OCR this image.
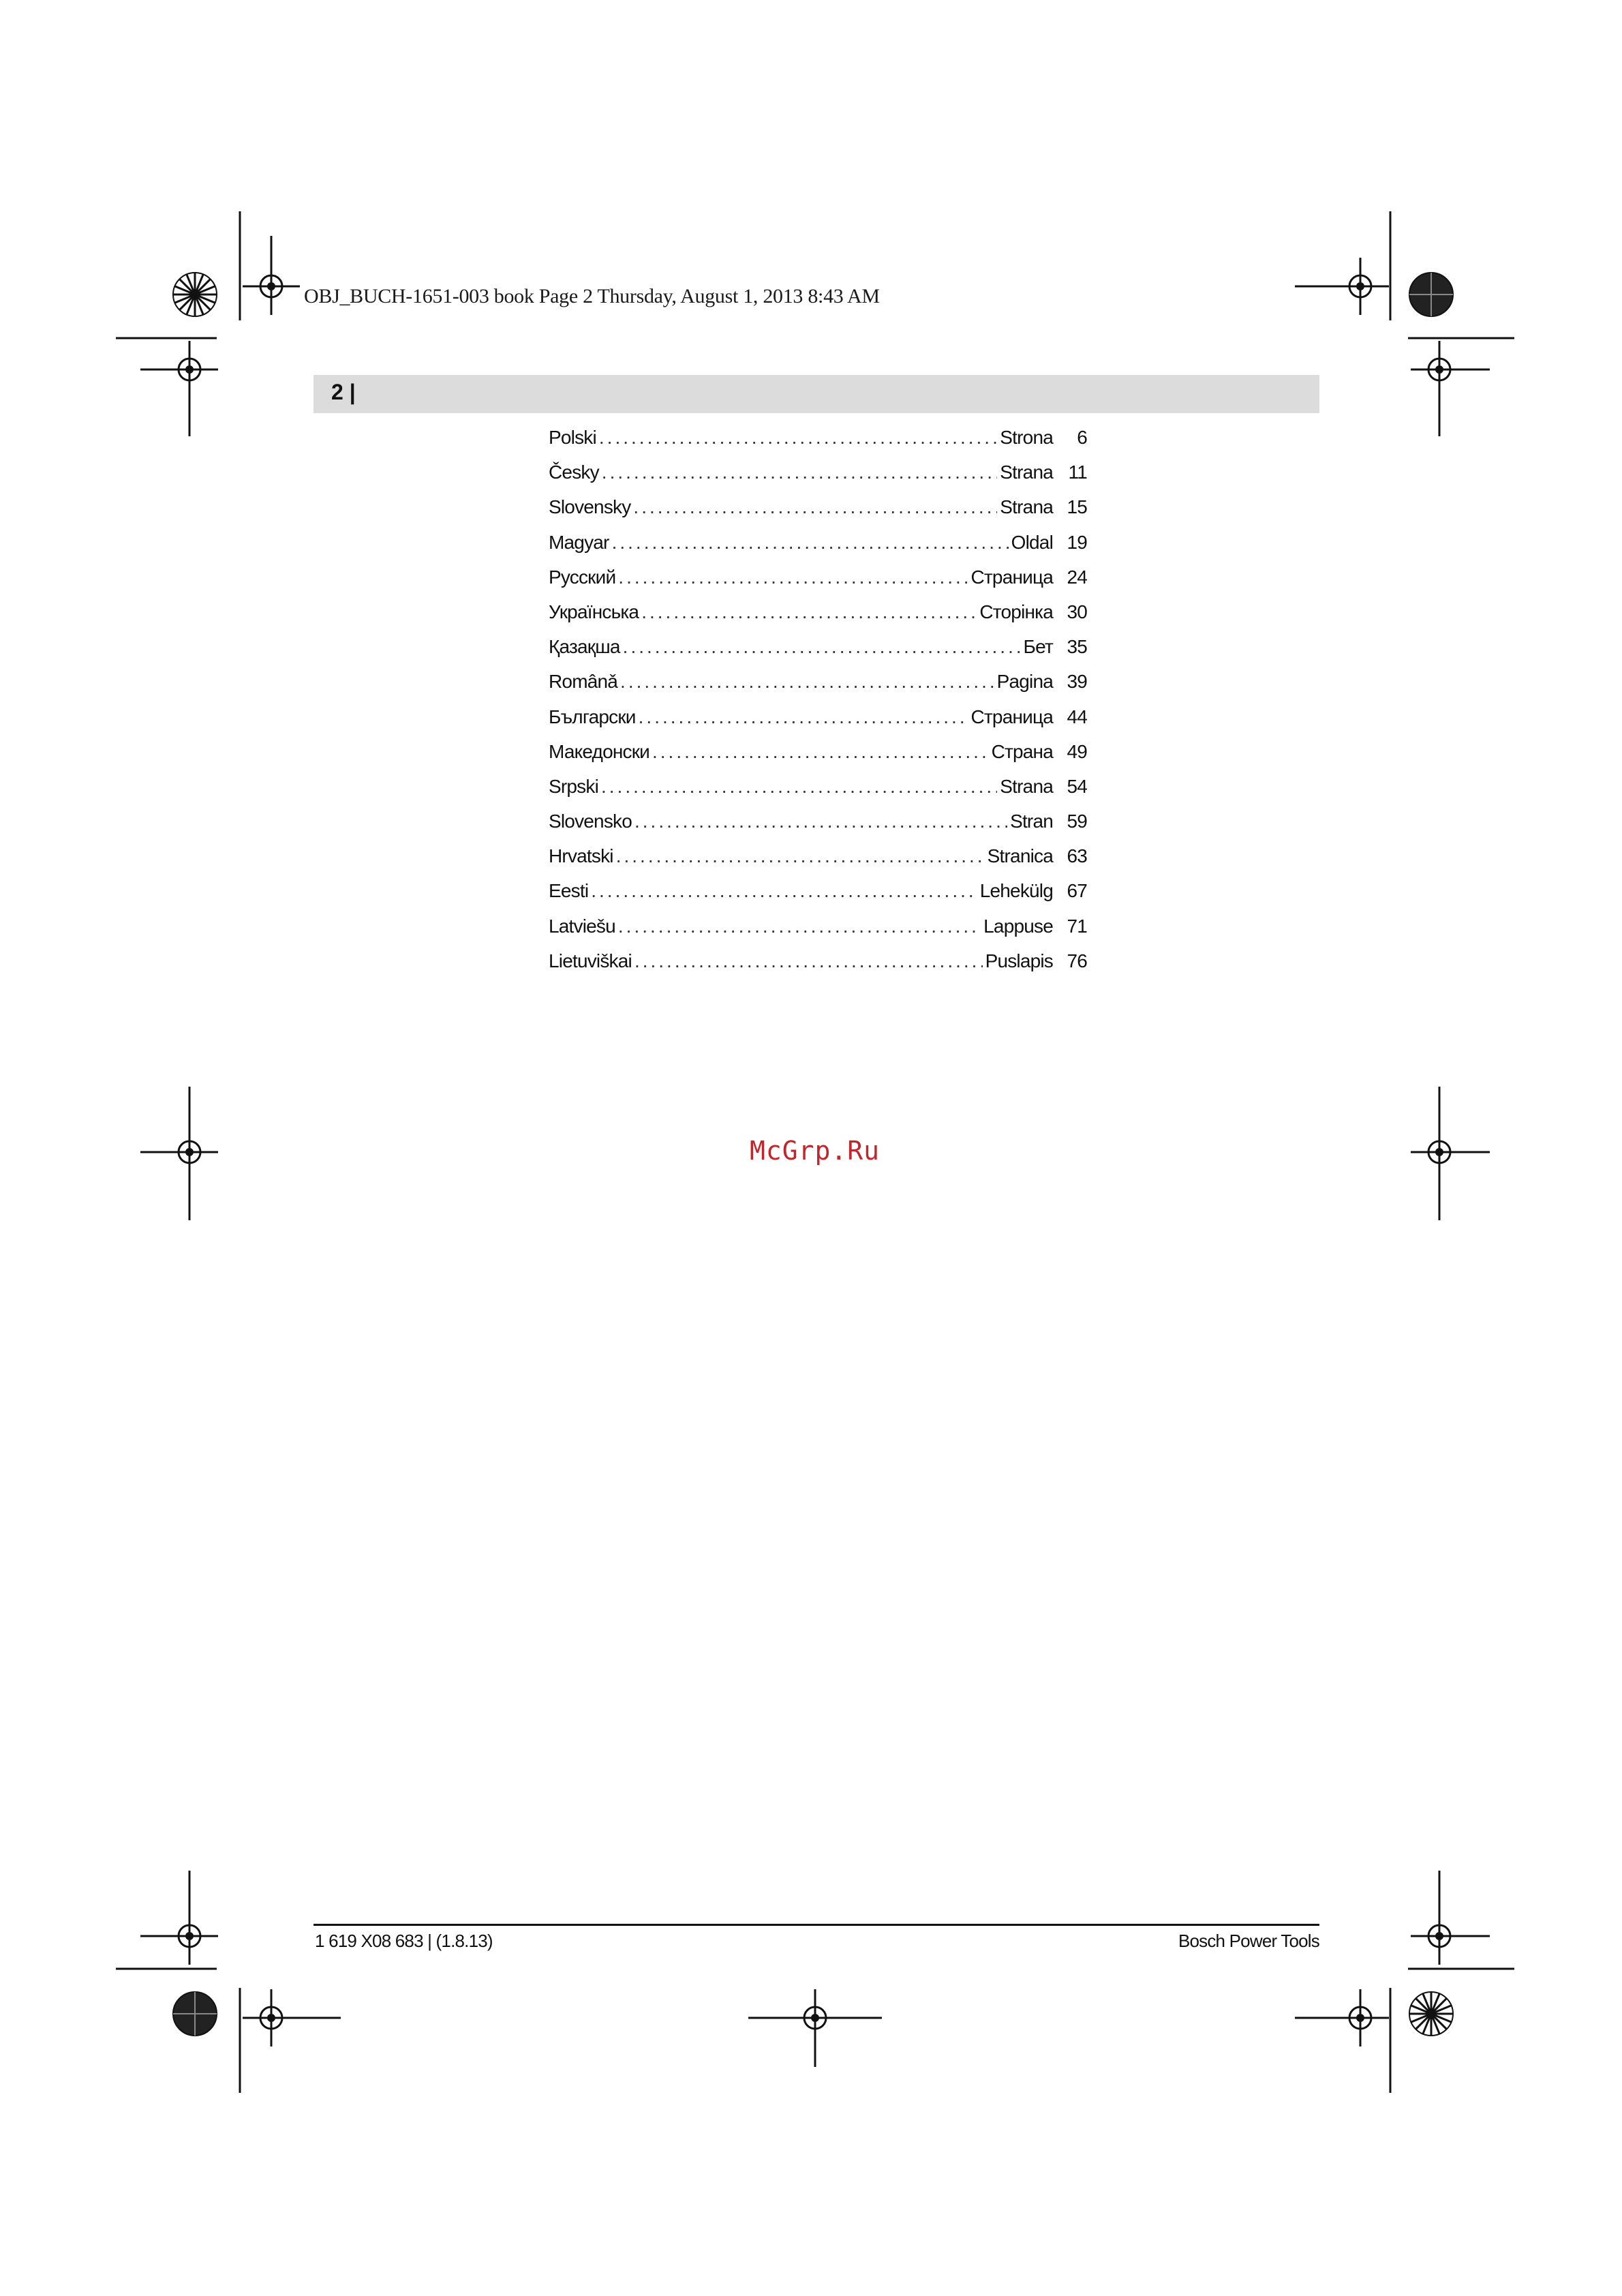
OBJ_BUCH-1651-003 book Page 2 Thursday, August 1, 2013 8:43 AM
2 |
Polski .....	Strona	6
Česky .....	Strana 11
Slovensky .....	Strana 15
Magyar .....	Oldal 19
Русский .....	Страница 24
Українська .....	Сторінка 30
Қазақша .....	Бет 35
Românǎ .....	Pagina 39
Български .....	Страница 44
Македонски .....	Страна 49
Srpski .....	Strana 54
Slovensko .....	Stran 59
Hrvatski .....	Stranica 63
Eesti .....	Lehekülg 67
Latviešu .....	Lappuse 71
Lietuviškai .....	Puslapis 76
McGrp.Ru
1 619 X08 683 | (1.8.13)	Bosch Power Tools
